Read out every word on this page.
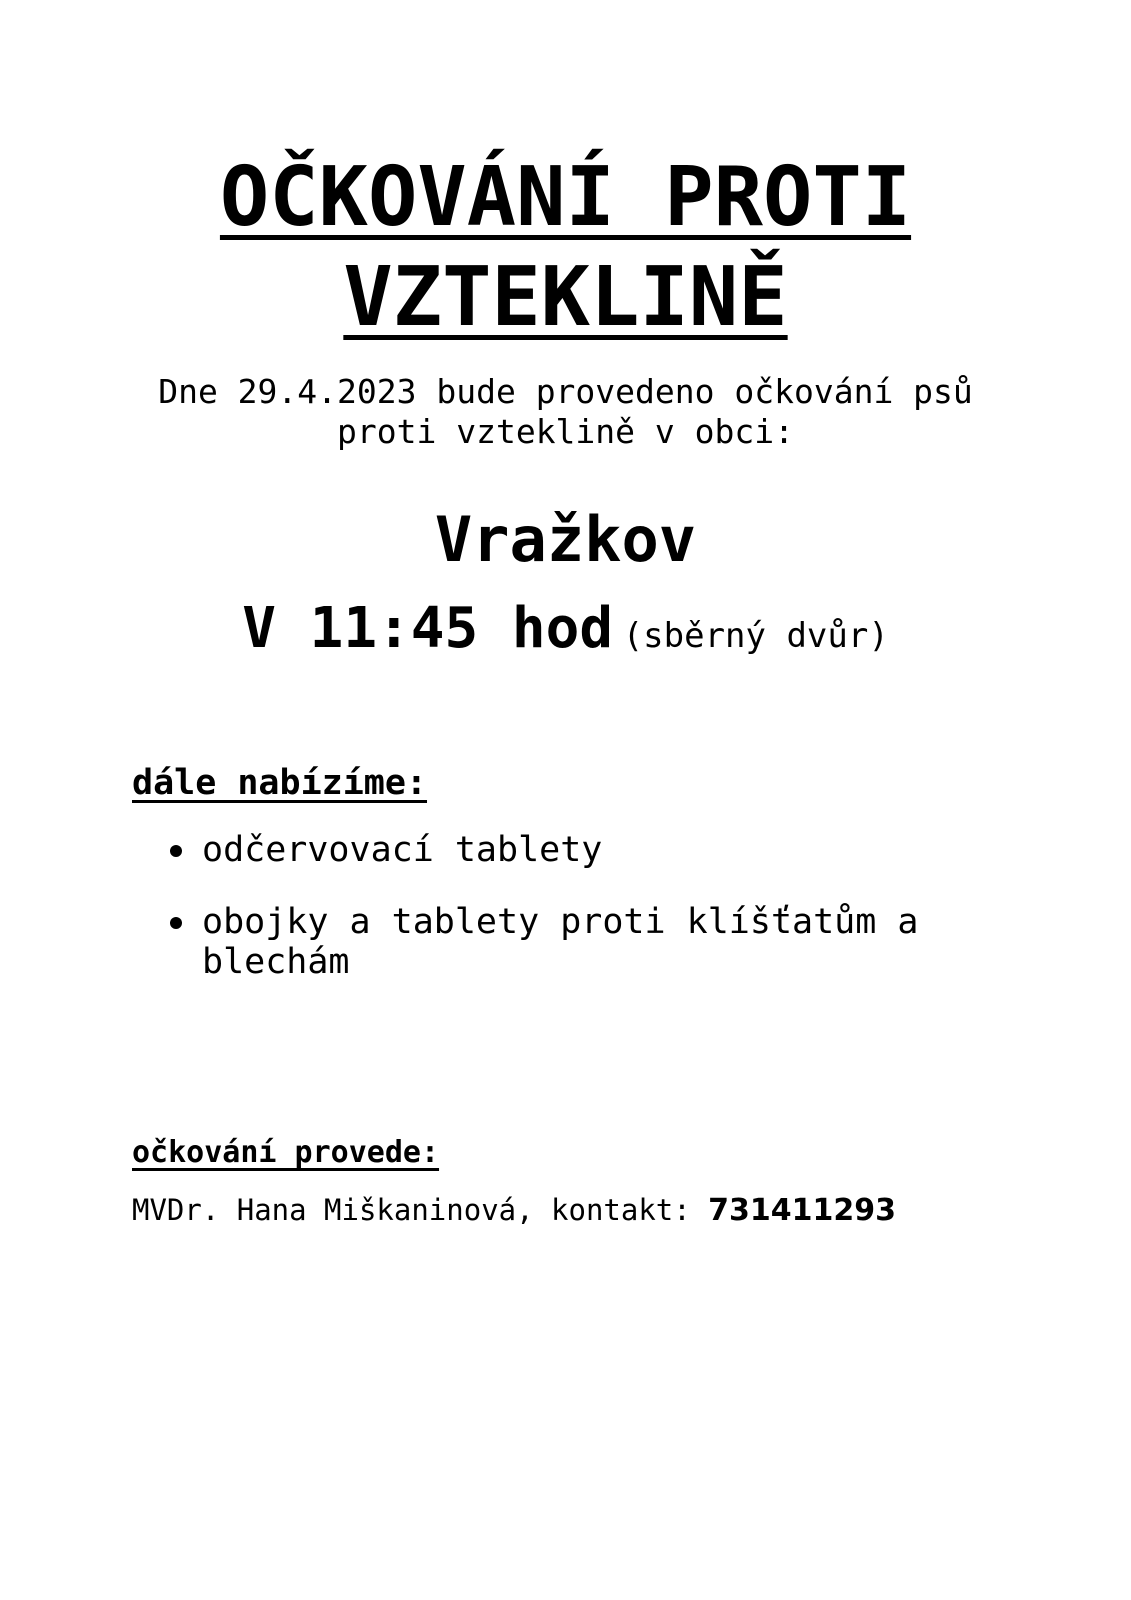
OČKOVÁNÍ PROTI
VZTEKLINĚ

Dne 29.4.2023 bude provedeno očkování psů
proti vzteklině v obci:

Vražkov

V 11:45 hod (sběrný dvůr)

dále nabízíme:
odčervovací tablety
obojky a tablety proti klíšťatům a blechám
očkování provede:

MVDr. Hana Miškaninová, kontakt: 731411293
